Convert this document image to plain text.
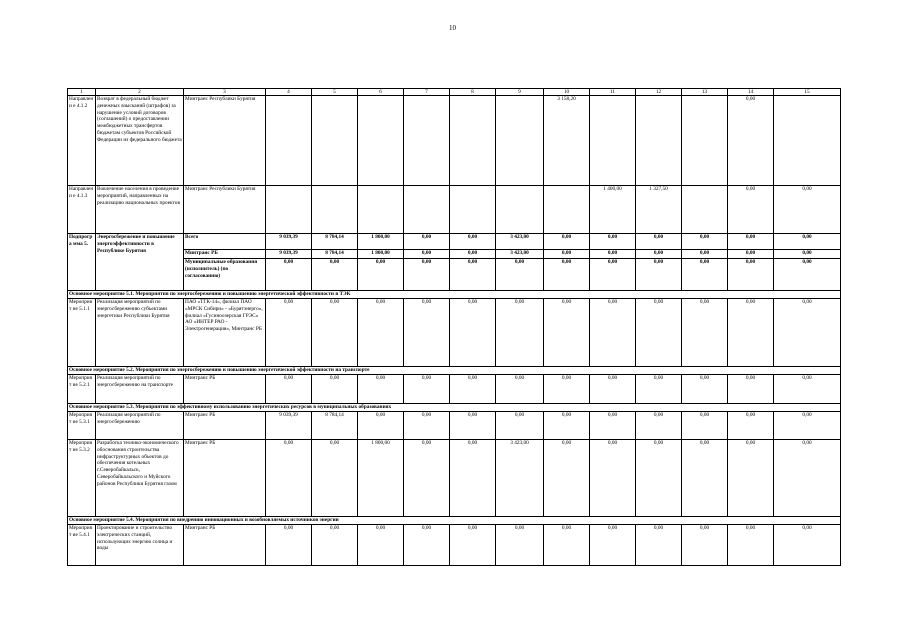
10
1	2	3	4	5	6	7	8	9	10	11	12	13	14	15
Направлени е 4.1.2	Возврат в федеральный бюджет денежных взысканий (штрафов) за нарушение условий договоров (соглашений) о предоставлении межбюджетных трансфертов бюджетам субъектов Российской Федерации из федерального бюджета	Минтранс Республики Бурятия							3 158,20				0,00	
Направлени е 4.1.3	Вовлечение населения в проведение мероприятий, направленных на реализацию национальных проектов	Минтранс Республики Бурятия								1 400,00	1 327,50		0,00	0,00
Подпрогра мма 5.	Энергосбережение и повышение энергоэффективности в Республике Бурятия	Всего	9 039,39	8 784,14	1 800,00	0,00	0,00	3 423,00	0,00	0,00	0,00	0,00	0,00	0,00
		Минтранс РБ	9 039,39	8 784,14	1 800,00	0,00	0,00	3 423,00	0,00	0,00	0,00	0,00	0,00	0,00
		Муниципальные образования (исполнитель) (по согласованию)	0,00	0,00	0,00	0,00	0,00	0,00	0,00	0,00	0,00	0,00	0,00	0,00
Основное мероприятие 5.1. Мероприятия по энергосбережению и повышению энергетической эффективности в ТЭК														
Мероприят ие 5.1.1	Реализация мероприятий по энергосбережению субъектами энергетики Республики Бурятия	ПАО «ТГК-14», филиал ПАО «МРСК Сибири» - «Бурятэнерго», филиал «Гусиноозерская ГРЭС» АО «ИНТЕР РАО - Электрогенерация», Минтранс РБ	0,00	0,00	0,00	0,00	0,00	0,00	0,00	0,00	0,00	0,00	0,00	0,00
Основное мероприятие 5.2. Мероприятия по энергосбережению и повышению энергетической эффективности на транспорте														
Мероприят ие 5.2.1	Реализация мероприятий по энергосбережению на транспорте	Минтранс РБ	0,00	0,00	0,00	0,00	0,00	0,00	0,00	0,00	0,00	0,00	0,00	0,00
Основное мероприятие 5.3. Мероприятия по эффективному использованию энергетических ресурсов в муниципальных образованиях														
Мероприят ие 5.3.1	Реализация мероприятий по энергосбережению	Минтранс РБ	9 039,39	8 784,14	0,00	0,00	0,00	0,00	0,00	0,00	0,00	0,00	0,00	0,00
Мероприят ие 5.3.2	Разработка технико-экономического обоснования строительства инфраструктурных объектов до обеспечения котельных г.Северобайкальск, Северобайкальского и Муйского районов Республики Бурятия газом	Минтранс РБ	0,00	0,00	1 800,00	0,00	0,00	3 423,00	0,00	0,00	0,00	0,00	0,00	0,00
Основное мероприятие 5.4. Мероприятия по внедрению инновационных и возобновляемых источников энергии														
Мероприят ие 5.4.1	Проектирование и строительство электрических станций, использующих энергию солнца и воды	Минтранс РБ	0,00	0,00	0,00	0,00	0,00	0,00	0,00	0,00	0,00	0,00	0,00	0,00
